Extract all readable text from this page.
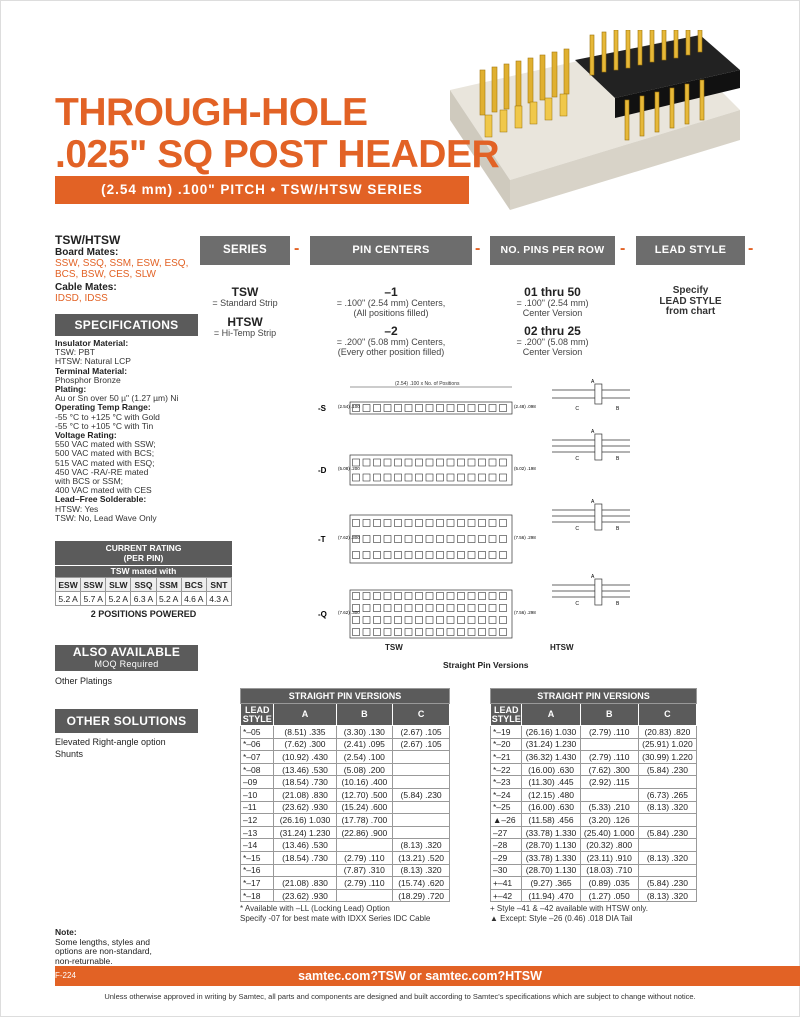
THROUGH-HOLE
.025" SQ POST HEADER
(2.54 mm) .100" PITCH • TSW/HTSW SERIES
TSW/HTSW
Board Mates:
SSW, SSQ, SSM, ESW, ESQ,
BCS, BSW, CES, SLW
Cable Mates:
IDSD, IDSS
SPECIFICATIONS
Insulator Material:
TSW: PBT
HTSW: Natural LCP
Terminal Material:
Phosphor Bronze
Plating:
Au or Sn over 50 µ" (1.27 µm) Ni
Operating Temp Range:
-55 °C to +125 °C with Gold
-55 °C to +105 °C with Tin
Voltage Rating:
550 VAC mated with SSW;
500 VAC mated with BCS;
515 VAC mated with ESQ;
450 VAC -RA/-RE mated
with BCS or SSM;
400 VAC mated with CES
Lead–Free Solderable:
HTSW: Yes
TSW: No, Lead Wave Only
CURRENT RATING
(PER PIN)
TSW mated with
ESW	SSW	SLW	SSQ	SSM	BCS	SNT
5.2 A	5.7 A	5.2 A	6.3 A	5.2 A	4.6 A	4.3 A
2 POSITIONS POWERED
ALSO AVAILABLE
MOQ Required
Other Platings
OTHER SOLUTIONS
Elevated Right-angle option
Shunts
Note:
Some lengths, styles and
options are non-standard,
non-returnable.
SERIES	-	PIN CENTERS	-	NO. PINS PER ROW -	LEAD STYLE	-
TSW
= Standard Strip
HTSW
= Hi-Temp Strip
–1
= .100" (2.54 mm) Centers,
(All positions filled)
–2
= .200" (5.08 mm) Centers,
(Every other position filled)
01 thru 50
= .100" (2.54 mm)
Center Version
02 thru 25
= .200" (5.08 mm)
Center Version
Specify
LEAD STYLE
from chart
(2.54) .100 x No. of Positions
-S	(2.54) .100	(2.48) .098
-D	(5.08) .200	(5.02) .198
-T	(7.62) .300	(7.56) .298
-Q (7.62) .300	(7.56) .298
TSW	HTSW
A
C	B
A
C	B
A
C	B
A
C	B
Straight Pin Versions
STRAIGHT PIN VERSIONS			
LEAD
STYLE	A	B	C
*–05	(8.51) .335	(3.30) .130	(2.67) .105
*–06	(7.62) .300	(2.41) .095	(2.67) .105
*–07	(10.92) .430	(2.54) .100	
*–08	(13.46) .530	(5.08) .200	
–09	(18.54) .730	(10.16) .400	
–10	(21.08) .830	(12.70) .500	(5.84) .230
–11	(23.62) .930	(15.24) .600	
–12	(26.16) 1.030	(17.78) .700	
–13	(31.24) 1.230	(22.86) .900	
–14	(13.46) .530		(8.13) .320
*–15	(18.54) .730	(2.79) .110	(13.21) .520
*–16		(7.87) .310	(8.13) .320
*–17	(21.08) .830	(2.79) .110	(15.74) .620
*–18	(23.62) .930		(18.29) .720
* Available with –LL (Locking Lead) Option
Specify -07 for best mate with IDXX Series IDC Cable
STRAIGHT PIN VERSIONS			
LEAD
STYLE	A	B	C
*–19	(26.16) 1.030	(2.79) .110	(20.83) .820
*–20	(31.24) 1.230		(25.91) 1.020
*–21	(36.32) 1.430	(2.79) .110	(30.99) 1.220
*–22	(16.00) .630	(7.62) .300	(5.84) .230
*–23	(11.30) .445	(2.92) .115	
*–24	(12.15) .480		(6.73) .265
*–25	(16.00) .630	(5.33) .210	(8.13) .320
▲–26	(11.58) .456	(3.20) .126	
–27	(33.78) 1.330	(25.40) 1.000	(5.84) .230
–28	(28.70) 1.130	(20.32) .800	
–29	(33.78) 1.330	(23.11) .910	(8.13) .320
–30	(28.70) 1.130	(18.03) .710	
+–41	(9.27) .365	(0.89) .035	(5.84) .230
+–42	(11.94) .470	(1.27) .050	(8.13) .320
+ Style –41 & –42 available with HTSW only.
▲ Except: Style –26 (0.46) .018 DIA Tail
F-224	samtec.com?TSW or samtec.com?HTSW
Unless otherwise approved in writing by Samtec, all parts and components are designed and built according to Samtec's specifications which are subject to change without notice.
